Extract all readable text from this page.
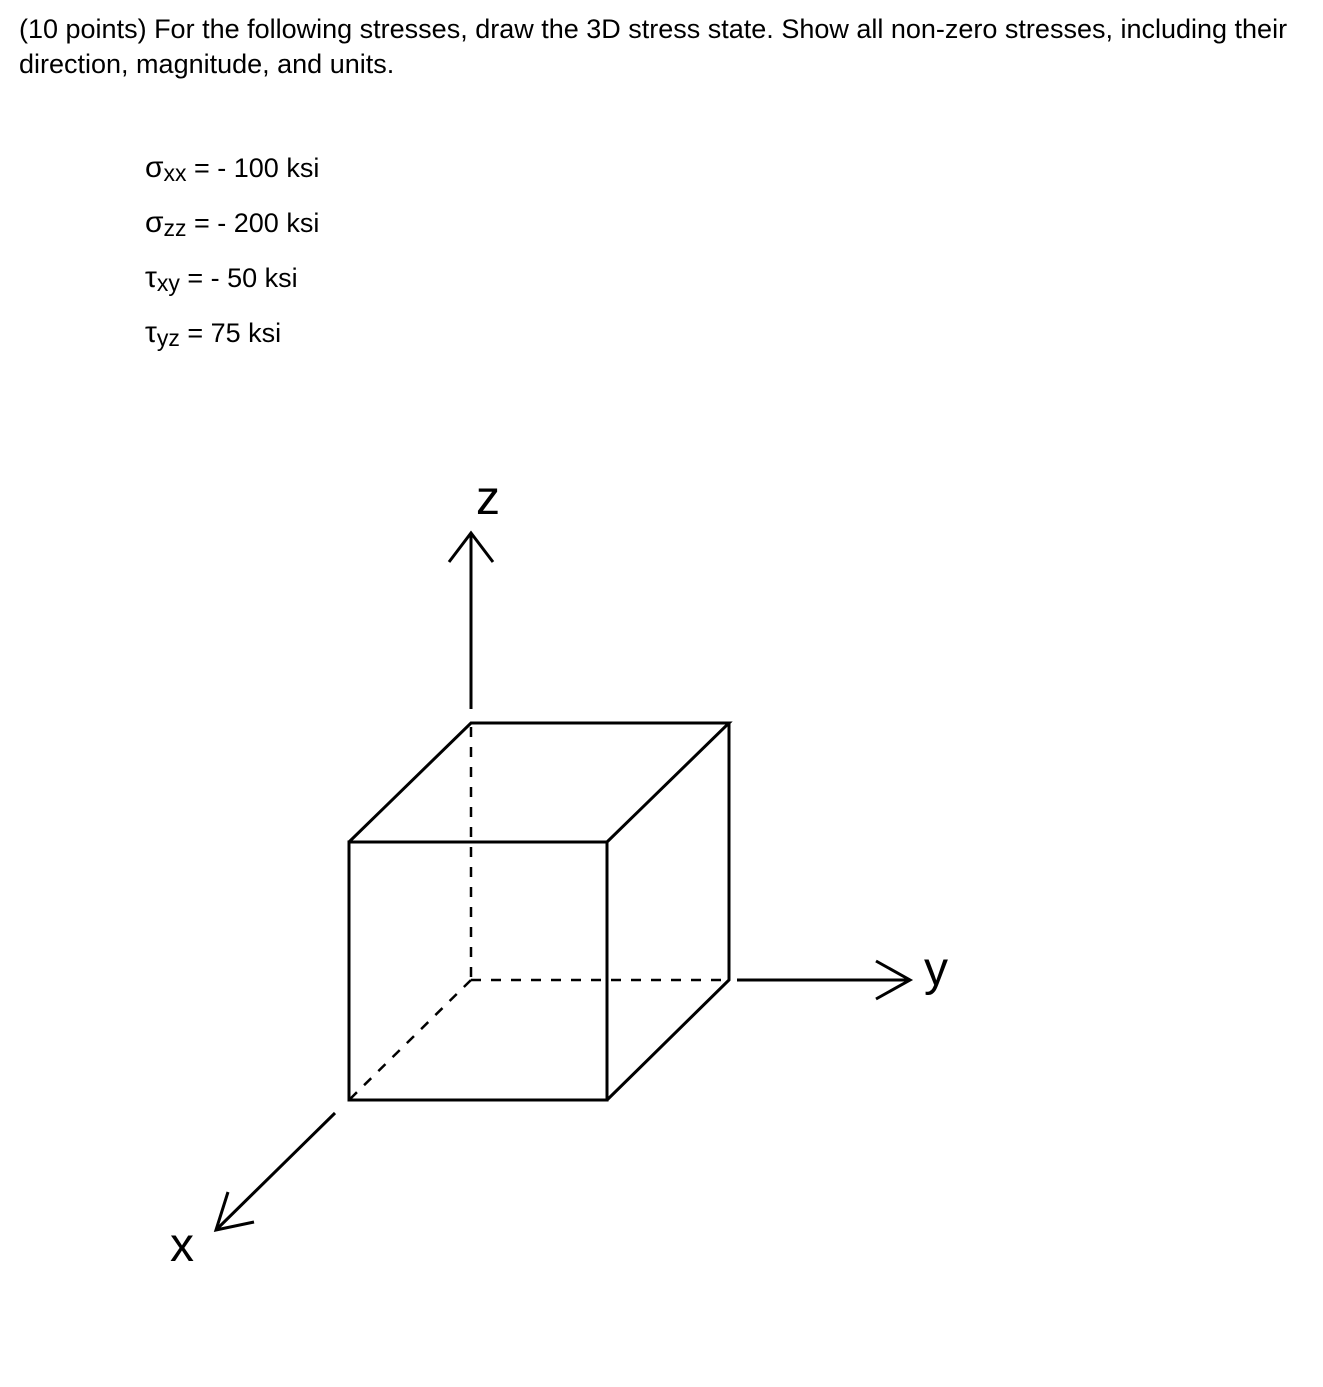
(10 points) For the following stresses, draw the 3D stress state. Show all non-zero stresses, including their direction, magnitude, and units.

σxx = - 100 ksi
σzz = - 200 ksi
τxy = - 50 ksi
τyz = 75 ksi
z
y
x
